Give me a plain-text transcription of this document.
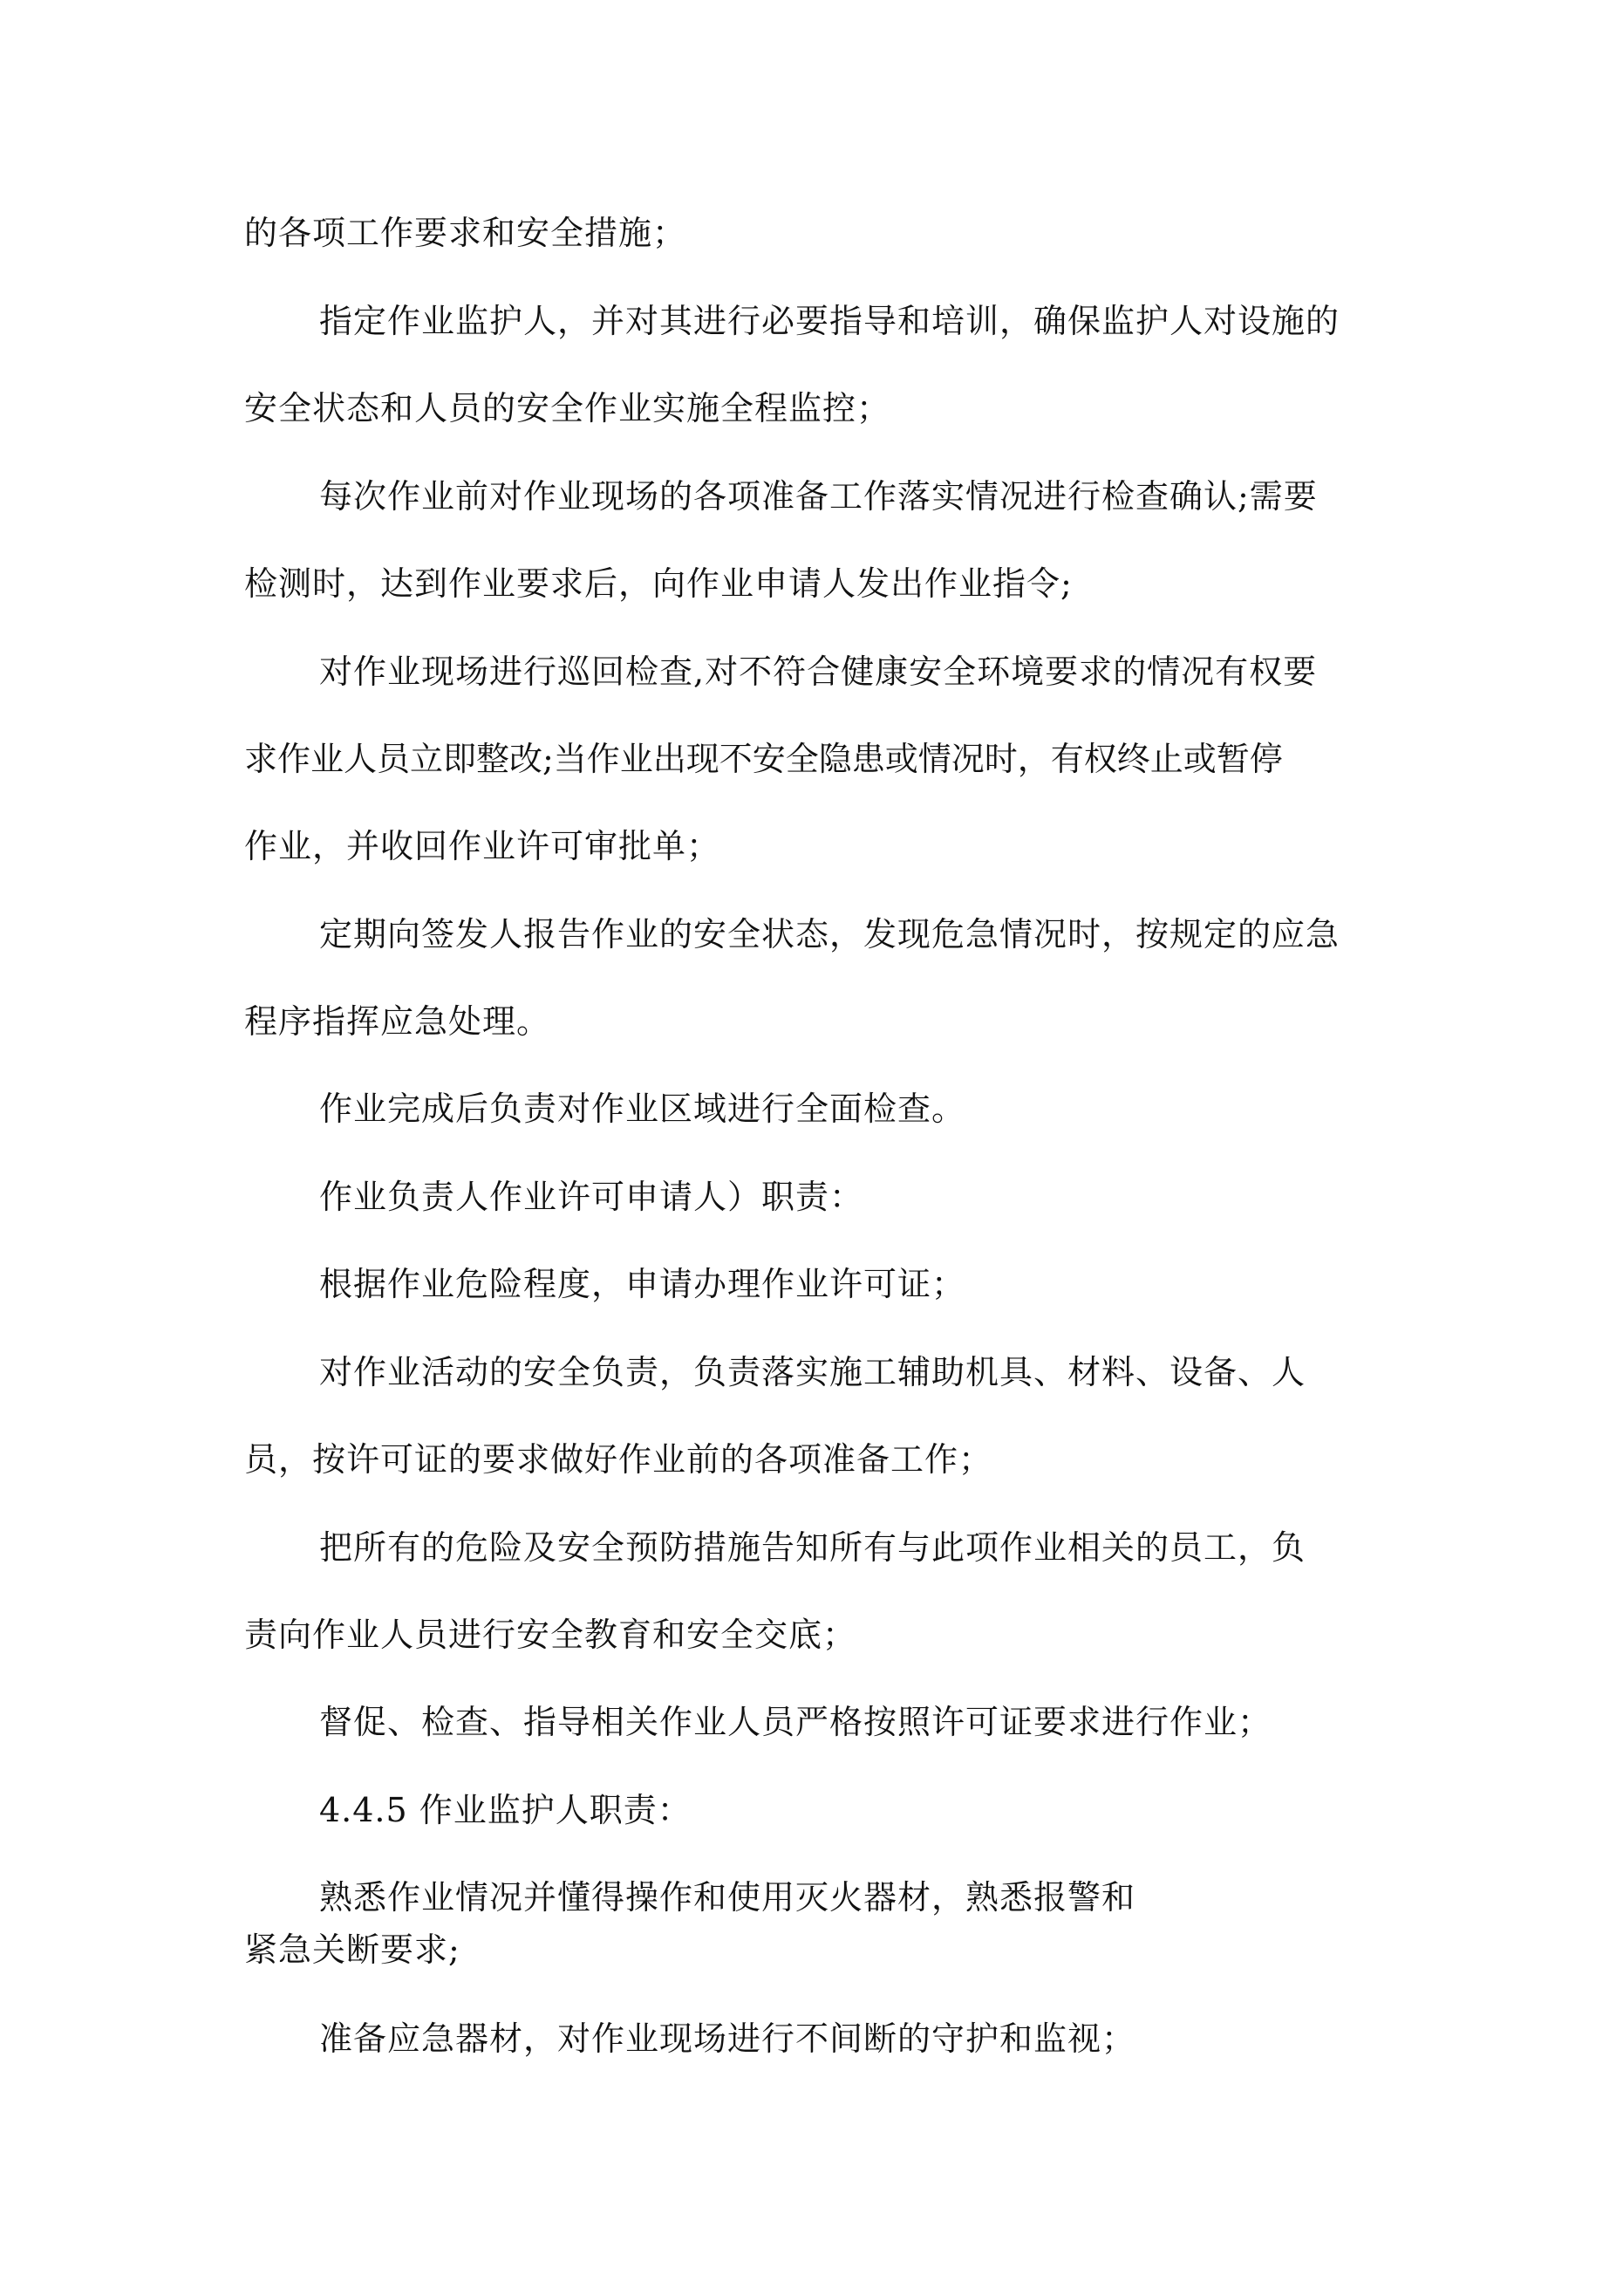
的各项工作要求和安全措施；
指定作业监护人，并对其进行必要指导和培训，确保监护人对设施的
安全状态和人员的安全作业实施全程监控；
每次作业前对作业现场的各项准备工作落实情况进行检查确认;需要
检测时，达到作业要求后，向作业申请人发出作业指令;
对作业现场进行巡回检查,对不符合健康安全环境要求的情况有权要
求作业人员立即整改;当作业出现不安全隐患或情况时，有权终止或暂停
作业，并收回作业许可审批单；
定期向签发人报告作业的安全状态，发现危急情况时，按规定的应急
程序指挥应急处理。
作业完成后负责对作业区域进行全面检查。
作业负责人作业许可申请人）职责：
根据作业危险程度，申请办理作业许可证；
对作业活动的安全负责，负责落实施工辅助机具、材料、设备、人
员，按许可证的要求做好作业前的各项准备工作；
把所有的危险及安全预防措施告知所有与此项作业相关的员工，负
责向作业人员进行安全教育和安全交底；
督促、检查、指导相关作业人员严格按照许可证要求进行作业；
4.4.5 作业监护人职责：
熟悉作业情况并懂得操作和使用灭火器材，熟悉报警和
紧急关断要求;
准备应急器材，对作业现场进行不间断的守护和监视；
